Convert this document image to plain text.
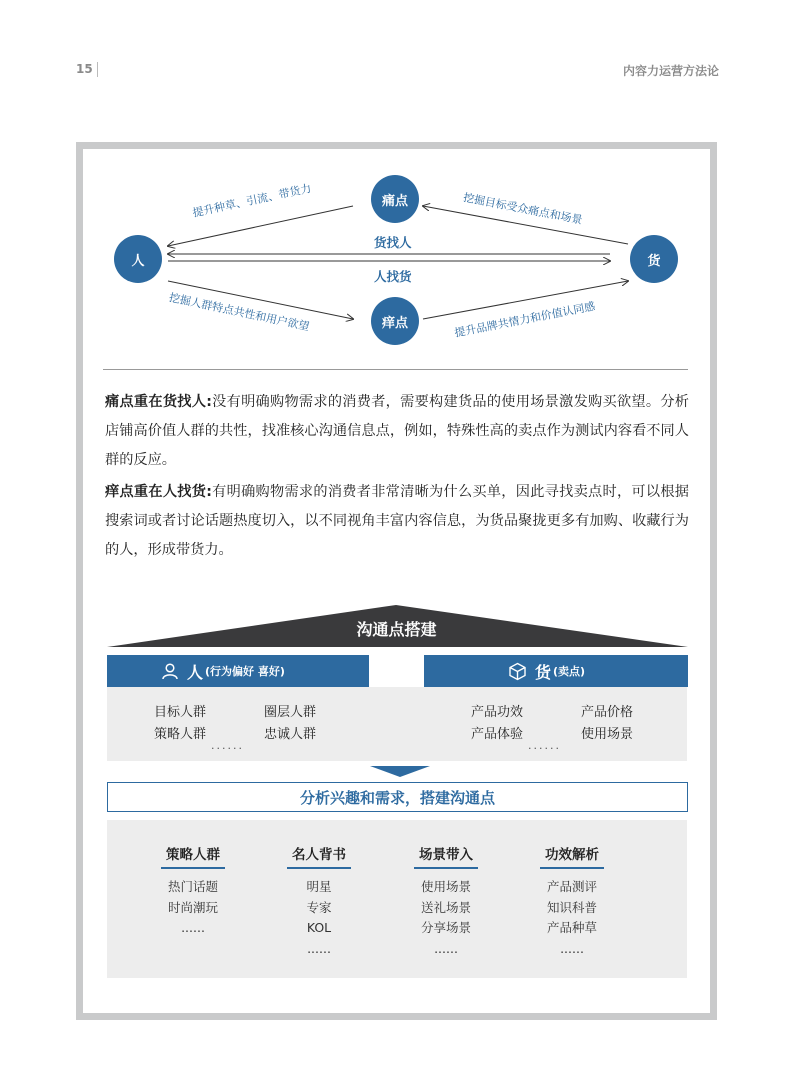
15	内容力运营方法论
人	货
痛点
痒点
货找人
人找货
提升种草、引流、带货力	挖掘目标受众痛点和场景
挖掘人群特点共性和用户欲望	提升品牌共情力和价值认同感
痛点重在货找人:没有明确购物需求的消费者，需要构建货品的使用场景激发购买欲望。分析店铺高价值人群的共性，找准核心沟通信息点，例如，特殊性高的卖点作为测试内容看不同人群的反应。
痒点重在人找货:有明确购物需求的消费者非常清晰为什么买单，因此寻找卖点时，可以根据搜索词或者讨论话题热度切入，以不同视角丰富内容信息，为货品聚拢更多有加购、收藏行为的人，形成带货力。
沟通点搭建
人 (行为偏好 喜好)	货 (卖点)
目标人群	圈层人群
策略人群	忠诚人群
......
产品功效	产品价格
产品体验	使用场景
......
分析兴趣和需求，搭建沟通点
策略人群
热门话题
时尚潮玩
......
名人背书
明星
专家
KOL
......
场景带入
使用场景
送礼场景
分享场景
......
功效解析
产品测评
知识科普
产品种草
......
